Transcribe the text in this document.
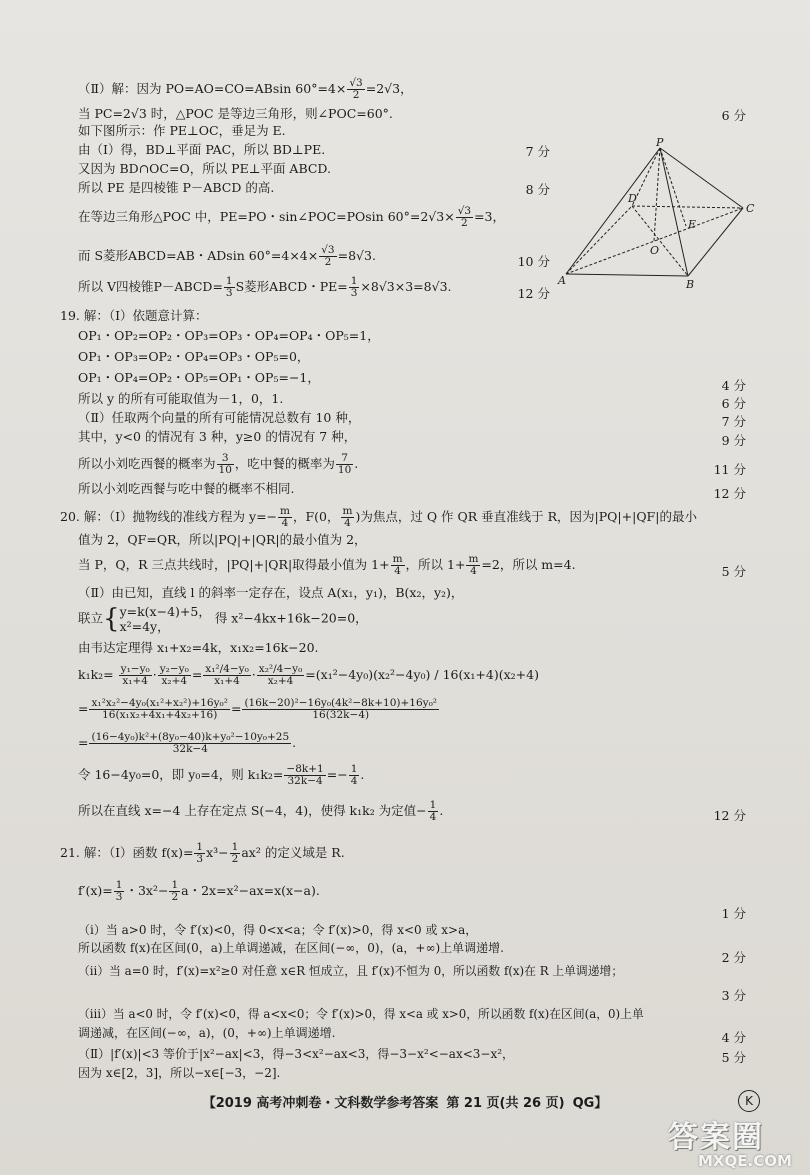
（Ⅱ）解：因为 PO=AO=CO=ABsin $60^\circ=4\times \frac{√3}{2} =2√3$，
当 PC=2√3 时，△POC 是等边三角形，则∠POC=60°.	6 分
如下图所示：作 PE⊥OC，垂足为 E.
由（Ⅰ）得，BD⊥平面 PAC，所以 BD⊥PE.	7 分
又因为 BD∩OC=O，所以 PE⊥平面 ABCD.
所以 PE 是四棱锥 P－ABCD 的高.	8 分
在等边三角形△POC 中，PE=PO・sin∠POC=POsin $60^\circ=2√3\times \frac{√3}{2} =3$，
而 S菱形ABCD=AB・ADsin $60^\circ=4\times 4\times \frac{√3}{2} =8√3$.	10 分
所以 V四棱锥P－ABCD= $\frac{1}{3}$ S菱形ABCD・$PE= \frac{1}{3} \times 8√3\times 3=8√3$.	12 分
19. 解：（Ⅰ）依题意计算：
OP₁・OP₂=OP₂・OP₃=OP₃・OP₄=OP₄・OP₅=1，
OP₁・OP₃=OP₂・OP₄=OP₃・OP₅=0，
OP₁・OP₄=OP₂・OP₅=OP₁・OP₅=−1，
4 分
所以 y 的所有可能取值为－1，0，1.	6 分
（Ⅱ）任取两个向量的所有可能情况总数有 10 种，	7 分
其中，y<0 的情况有 3 种，y≥0 的情况有 7 种，	9 分
所以小刘吃西餐的概率为 $\frac{3}{10}$ ，吃中餐的概率为 $\frac{7}{10}$ .	11 分
所以小刘吃西餐与吃中餐的概率不相同.	12 分
20. 解：（Ⅰ）抛物线的准线方程为 $y=- \frac{m}{4}$ ，F(0， $\frac{m}{4}$ )为焦点，过 Q 作 QR 垂直准线于 R，因为|PQ|+|QF|的最小
值为 2，QF=QR，所以|PQ|+|QR|的最小值为 2，
当 P，Q，R 三点共线时，|PQ|+|QR|取得最小值为 $1+ \frac{m}{4}$ ，所以 $1+ \frac{m}{4} =2$，所以 m=4.	5 分
（Ⅱ）由已知，直线 l 的斜率一定存在，设点 A(x₁，y₁)，B(x₂，y₂)，
联立{ y=k(x−4)+5，
x²=4y，
得 x²−4kx+16k−20=0，
由韦达定理得 x₁+x₂=4k，x₁x₂=16k−20.
$k_1k_2= \frac{\text{y₁−y₀}}{\text{x₁+4}} \cdot \frac{\text{y₂−y₀}}{\text{x₂+4}} = \frac{\text{x₁²/4−y₀}}{\text{x₁+4}} \cdot \frac{\text{x₂²/4−y₀}}{\text{x₂+4}} =(x_1^2-4y_0)(x_2^2-4y_0) / 16(x_1+4)(x_2+4)$
= $\frac{\text{x₁²x₂²−4y₀(x₁²+x₂²)+16y₀²}}{\text{16(x₁x₂+4x₁+4x₂+16)}} = \frac{\text{(16k−20)²−16y₀(4k²−8k+10)+16y₀²}}{16(32k-4)}$
= $\frac{\text{(16−4y₀)k²+(8y₀−40)k+y₀²−10y₀+25}}{32k-4}$ .
令 16−4y₀=0，即 y₀=4，则 $k_1k_2= \frac{-8k+1}{32k-4} =- \frac{1}{4}$ .
所以在直线 x=−4 上存在定点 S(−4，4)，使得 k₁k₂ 为定值− $\frac{1}{4}$ .	12 分
21. 解：（Ⅰ）函数 $f(x)= \frac{1}{3} x^3- \frac{1}{2} ax^2$ 的定义域是 R.
$f'(x)= \frac{1}{3}$ ・$3x^2- \frac{1}{2}$ a・2x=x²−ax=x(x−a).
1 分
（ⅰ）当 a>0 时，令 f′(x)<0，得 0<x<a；令 f′(x)>0，得 x<0 或 x>a，
所以函数 f(x)在区间(0，a)上单调递减，在区间(−∞，0)，(a，+∞)上单调递增.
2 分
（ⅱ）当 a=0 时，f′(x)=x²≥0 对任意 x∈R 恒成立，且 f′(x)不恒为 0，所以函数 f(x)在 R 上单调递增；
3 分
（ⅲ）当 a<0 时，令 f′(x)<0，得 a<x<0；令 f′(x)>0，得 x<a 或 x>0，所以函数 f(x)在区间(a，0)上单
调递减，在区间(−∞，a)，(0，+∞)上单调递增.	4 分
（Ⅱ）|f′(x)|<3 等价于|x²−ax|<3，得−3<x²−ax<3，得−3−x²<−ax<3−x²，	5 分
因为 x∈[2，3]，所以−x∈[−3，−2].
P
D
C
E
O
A	B
【2019 高考冲刺卷・文科数学参考答案 第 21 页(共 26 页) QG】	K
答案圈
MXQE.COM
